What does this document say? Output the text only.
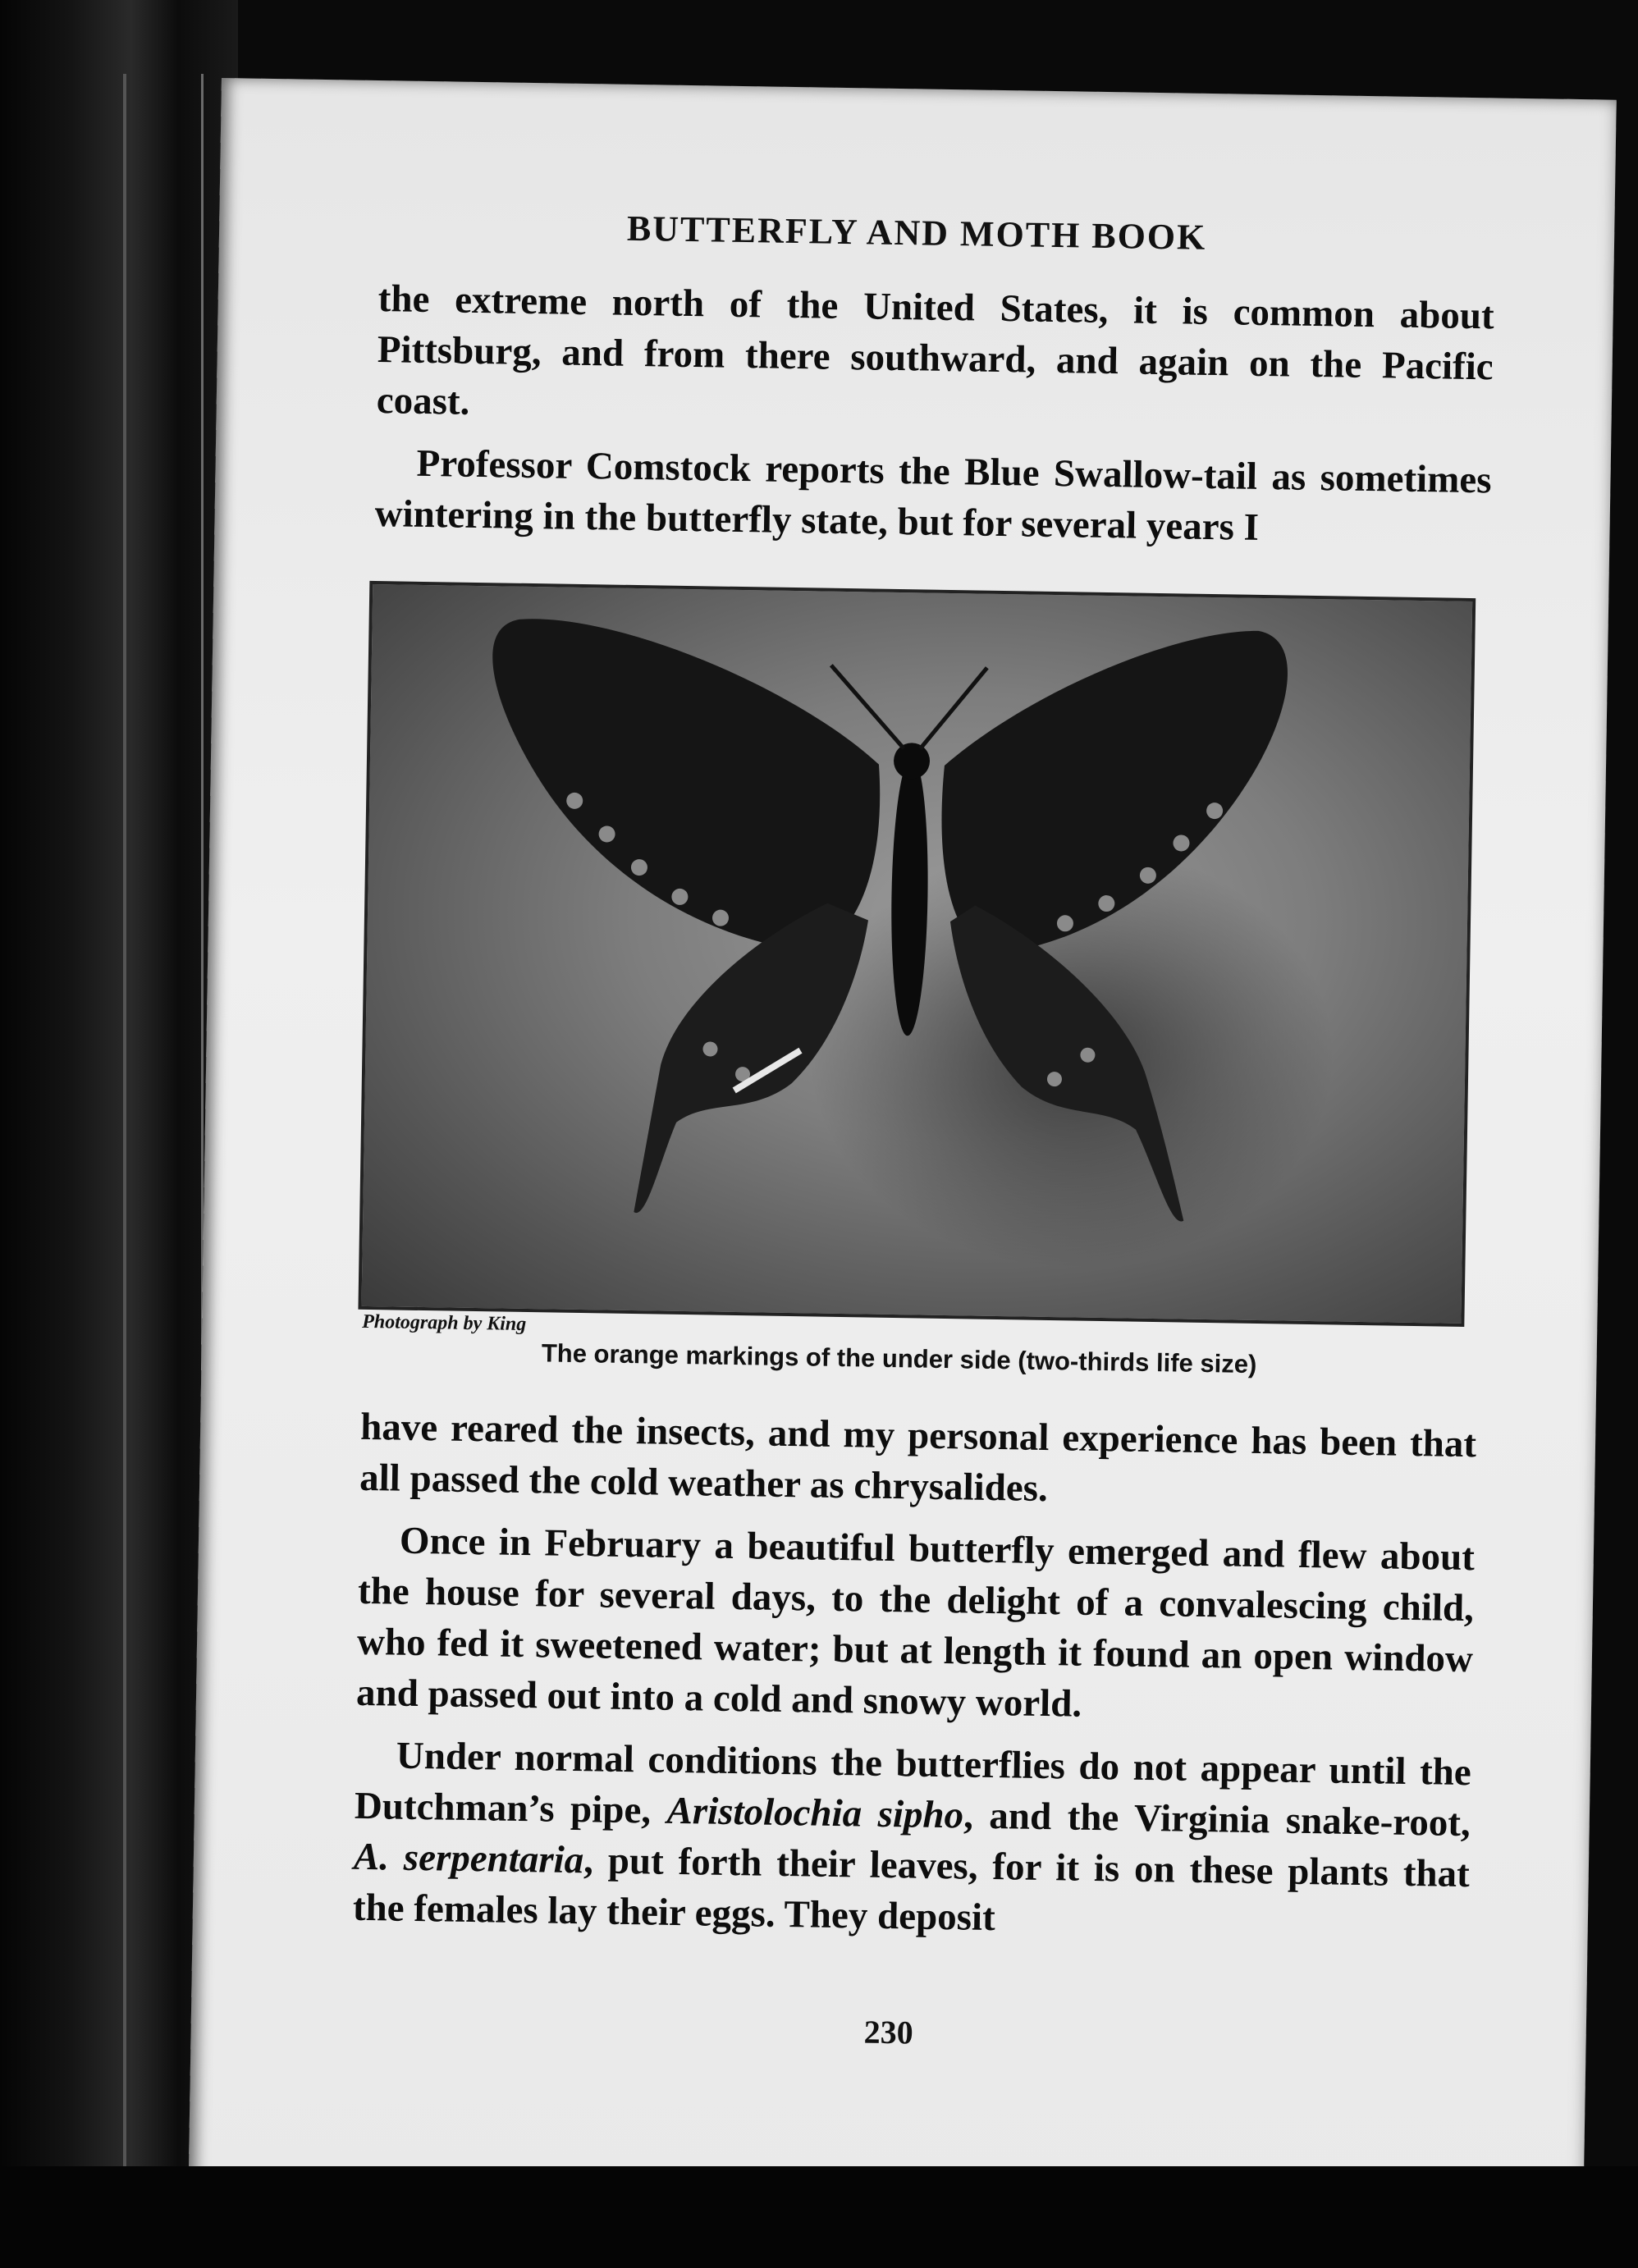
BUTTERFLY AND MOTH BOOK

the extreme north of the United States, it is common about Pittsburg, and from there southward, and again on the Pacific coast.

Professor Comstock reports the Blue Swallow-tail as sometimes wintering in the butterfly state, but for several years I

Photograph by King
The orange markings of the under side (two-thirds life size)

have reared the insects, and my personal experience has been that all passed the cold weather as chrysalides.

Once in February a beautiful butterfly emerged and flew about the house for several days, to the delight of a convalescing child, who fed it sweetened water; but at length it found an open window and passed out into a cold and snowy world.

Under normal conditions the butterflies do not appear until the Dutchman’s pipe, Aristolochia sipho, and the Virginia snake-root, A. serpentaria, put forth their leaves, for it is on these plants that the females lay their eggs. They deposit

230
